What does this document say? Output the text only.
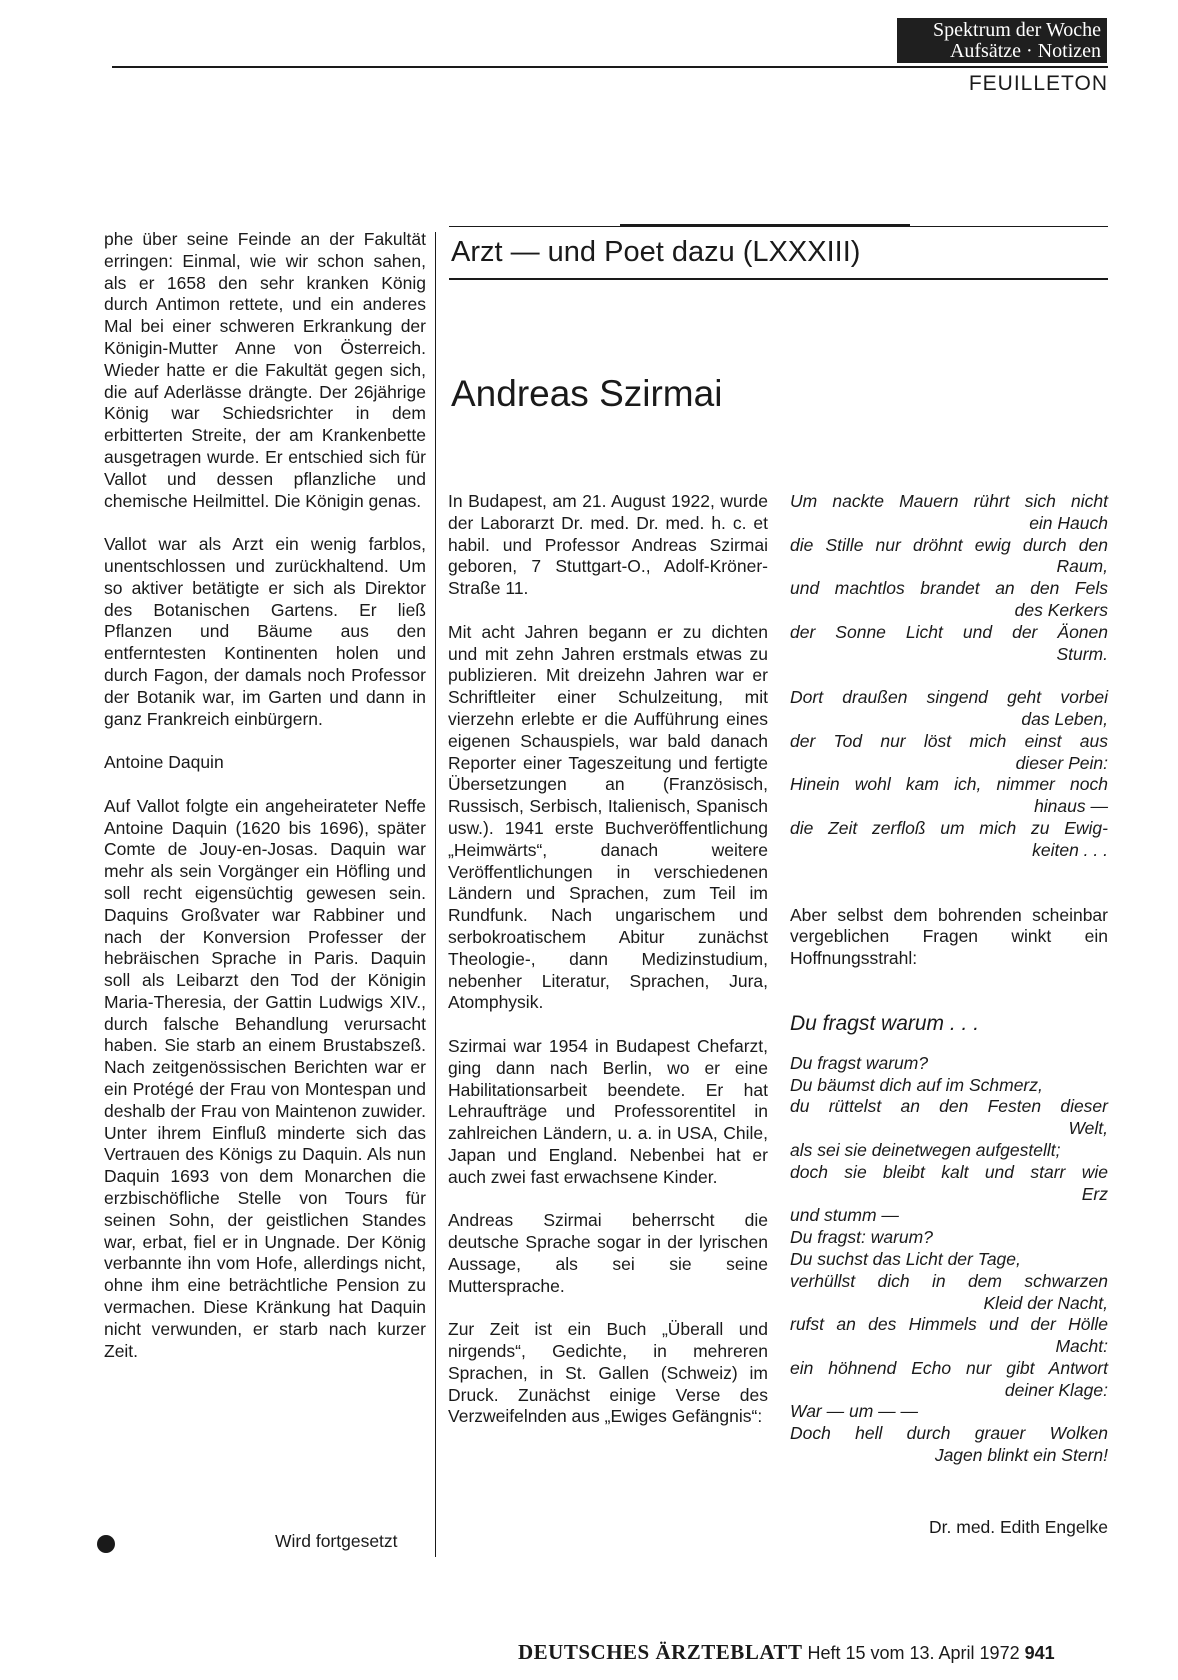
Spektrum der Woche
Aufsätze · Notizen
FEUILLETON

phe über seine Feinde an der Fakultät erringen: Einmal, wie wir schon sahen, als er 1658 den sehr kranken König durch Antimon rettete, und ein anderes Mal bei einer schweren Erkrankung der Königin-Mutter Anne von Österreich. Wieder hatte er die Fakultät gegen sich, die auf Aderlässe drängte. Der 26jährige König war Schiedsrichter in dem erbitterten Streite, der am Krankenbette ausgetragen wurde. Er entschied sich für Vallot und dessen pflanzliche und chemische Heilmittel. Die Königin genas.

Vallot war als Arzt ein wenig farblos, unentschlossen und zurückhaltend. Um so aktiver betätigte er sich als Direktor des Botanischen Gartens. Er ließ Pflanzen und Bäume aus den entferntesten Kontinenten holen und durch Fagon, der damals noch Professor der Botanik war, im Garten und dann in ganz Frankreich einbürgern.

Antoine Daquin

Auf Vallot folgte ein angeheirateter Neffe Antoine Daquin (1620 bis 1696), später Comte de Jouy-en-Josas. Daquin war mehr als sein Vorgänger ein Höfling und soll recht eigensüchtig gewesen sein. Daquins Großvater war Rabbiner und nach der Konversion Professer der hebräischen Sprache in Paris. Daquin soll als Leibarzt den Tod der Königin Maria-Theresia, der Gattin Ludwigs XIV., durch falsche Behandlung verursacht haben. Sie starb an einem Brustabszeß. Nach zeitgenössischen Berichten war er ein Protégé der Frau von Montespan und deshalb der Frau von Maintenon zuwider. Unter ihrem Einfluß minderte sich das Vertrauen des Königs zu Daquin. Als nun Daquin 1693 von dem Monarchen die erzbischöfliche Stelle von Tours für seinen Sohn, der geistlichen Standes war, erbat, fiel er in Ungnade. Der König verbannte ihn vom Hofe, allerdings nicht, ohne ihm eine beträchtliche Pension zu vermachen. Diese Kränkung hat Daquin nicht verwunden, er starb nach kurzer Zeit.

Wird fortgesetzt
Arzt — und Poet dazu (LXXXIII)
Andreas Szirmai

In Budapest, am 21. August 1922, wurde der Laborarzt Dr. med. Dr. med. h. c. et habil. und Professor Andreas Szirmai geboren, 7 Stuttgart-O., Adolf-Kröner-Straße 11.

Mit acht Jahren begann er zu dichten und mit zehn Jahren erstmals etwas zu publizieren. Mit dreizehn Jahren war er Schriftleiter einer Schulzeitung, mit vierzehn erlebte er die Aufführung eines eigenen Schauspiels, war bald danach Reporter einer Tageszeitung und fertigte Übersetzungen an (Französisch, Russisch, Serbisch, Italienisch, Spanisch usw.). 1941 erste Buchveröffentlichung „Heimwärts“, danach weitere Veröffentlichungen in verschiedenen Ländern und Sprachen, zum Teil im Rundfunk. Nach ungarischem und serbokroatischem Abitur zunächst Theologie-, dann Medizinstudium, nebenher Literatur, Sprachen, Jura, Atomphysik.

Szirmai war 1954 in Budapest Chefarzt, ging dann nach Berlin, wo er eine Habilitationsarbeit beendete. Er hat Lehraufträge und Professorentitel in zahlreichen Ländern, u. a. in USA, Chile, Japan und England. Nebenbei hat er auch zwei fast erwachsene Kinder.

Andreas Szirmai beherrscht die deutsche Sprache sogar in der lyrischen Aussage, als sei sie seine Muttersprache.

Zur Zeit ist ein Buch „Überall und nirgends“, Gedichte, in mehreren Sprachen, in St. Gallen (Schweiz) im Druck. Zunächst einige Verse des Verzweifelnden aus „Ewiges Gefängnis“:

Um nackte Mauern rührt sich nicht
ein Hauch
die Stille nur dröhnt ewig durch den
Raum,
und machtlos brandet an den Fels
des Kerkers
der Sonne Licht und der Äonen
Sturm.
Dort draußen singend geht vorbei
das Leben,
der Tod nur löst mich einst aus
dieser Pein:
Hinein wohl kam ich, nimmer noch
hinaus —
die Zeit zerfloß um mich zu Ewig-
keiten . . .

Aber selbst dem bohrenden scheinbar vergeblichen Fragen winkt ein Hoffnungsstrahl:

Du fragst warum . . .
Du fragst warum?
Du bäumst dich auf im Schmerz,
du rüttelst an den Festen dieser
Welt,
als sei sie deinetwegen aufgestellt;
doch sie bleibt kalt und starr wie
Erz
und stumm —
Du fragst: warum?
Du suchst das Licht der Tage,
verhüllst dich in dem schwarzen
Kleid der Nacht,
rufst an des Himmels und der Hölle
Macht:
ein höhnend Echo nur gibt Antwort
deiner Klage:
War — um — —
Doch hell durch grauer Wolken
Jagen blinkt ein Stern!
Dr. med. Edith Engelke
DEUTSCHES ÄRZTEBLATT Heft 15 vom 13. April 1972 941
